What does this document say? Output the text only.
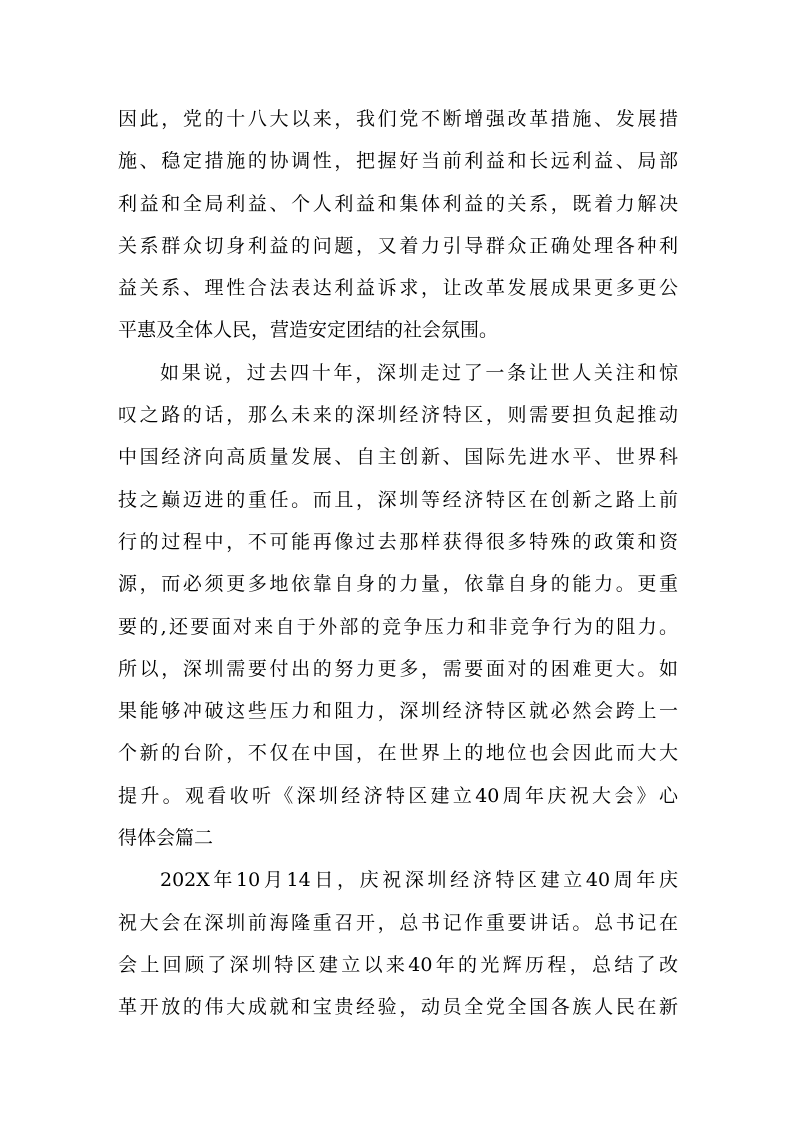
因此，党的十八大以来，我们党不断增强改革措施、发展措
施、稳定措施的协调性，把握好当前利益和长远利益、局部
利益和全局利益、个人利益和集体利益的关系，既着力解决
关系群众切身利益的问题，又着力引导群众正确处理各种利
益关系、理性合法表达利益诉求，让改革发展成果更多更公
平惠及全体人民，营造安定团结的社会氛围。
如果说，过去四十年，深圳走过了一条让世人关注和惊
叹之路的话，那么未来的深圳经济特区，则需要担负起推动
中国经济向高质量发展、自主创新、国际先进水平、世界科
技之巅迈进的重任。而且，深圳等经济特区在创新之路上前
行的过程中，不可能再像过去那样获得很多特殊的政策和资
源，而必须更多地依靠自身的力量，依靠自身的能力。更重
要的,还要面对来自于外部的竞争压力和非竞争行为的阻力。
所以，深圳需要付出的努力更多，需要面对的困难更大。如
果能够冲破这些压力和阻力，深圳经济特区就必然会跨上一
个新的台阶，不仅在中国，在世界上的地位也会因此而大大
提升。观看收听《深圳经济特区建立40周年庆祝大会》心
得体会篇二
202X年10月14日，庆祝深圳经济特区建立40周年庆
祝大会在深圳前海隆重召开，总书记作重要讲话。总书记在
会上回顾了深圳特区建立以来40年的光辉历程，总结了改
革开放的伟大成就和宝贵经验，动员全党全国各族人民在新
